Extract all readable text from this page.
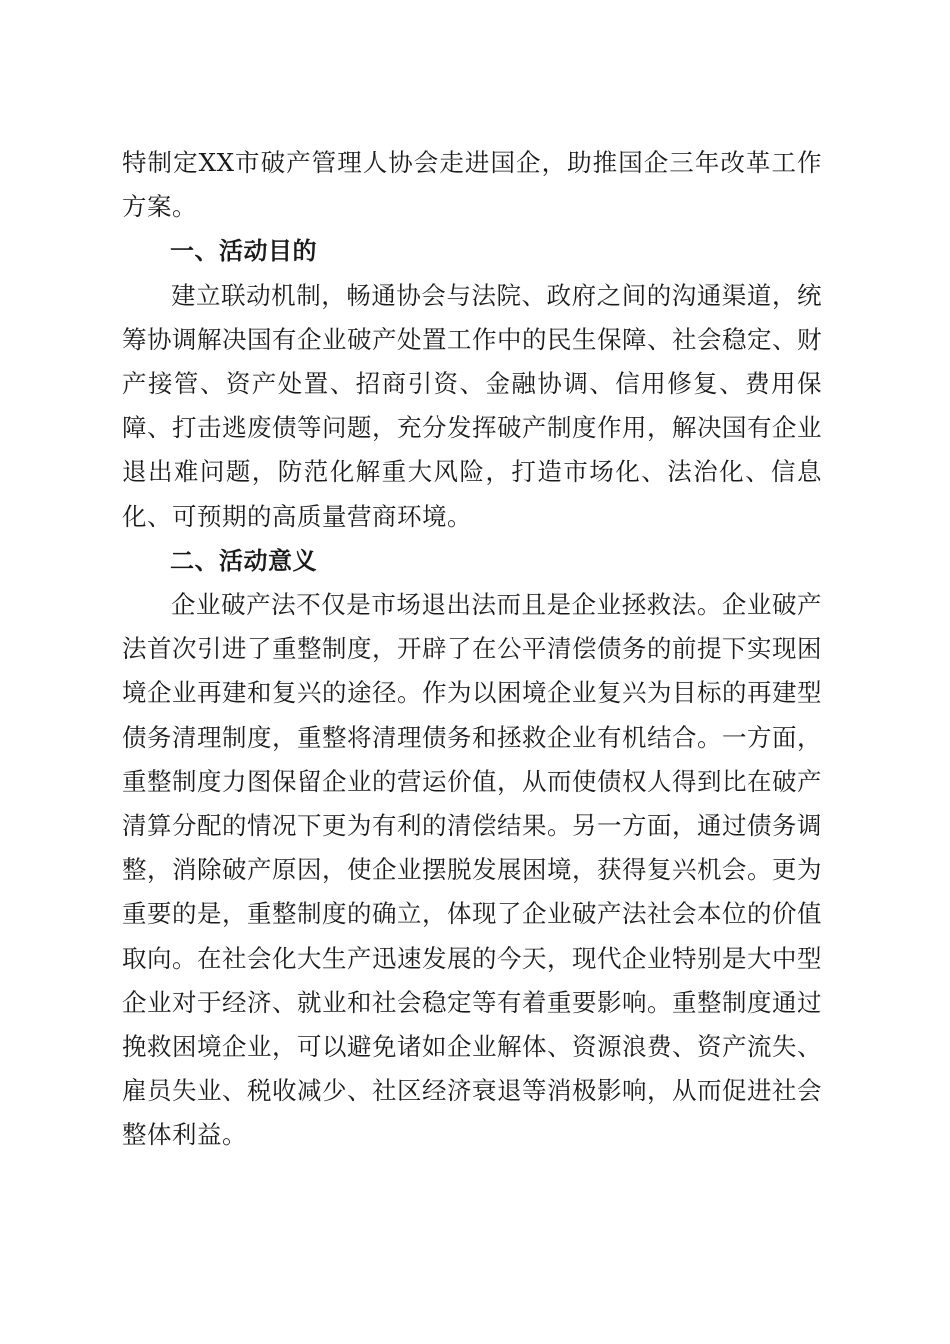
特制定XX市破产管理人协会走进国企，助推国企三年改革工作方案。

一、活动目的

建立联动机制，畅通协会与法院、政府之间的沟通渠道，统筹协调解决国有企业破产处置工作中的民生保障、社会稳定、财产接管、资产处置、招商引资、金融协调、信用修复、费用保障、打击逃废债等问题，充分发挥破产制度作用，解决国有企业退出难问题，防范化解重大风险，打造市场化、法治化、信息化、可预期的高质量营商环境。

二、活动意义

企业破产法不仅是市场退出法而且是企业拯救法。企业破产法首次引进了重整制度，开辟了在公平清偿债务的前提下实现困境企业再建和复兴的途径。作为以困境企业复兴为目标的再建型债务清理制度，重整将清理债务和拯救企业有机结合。一方面，重整制度力图保留企业的营运价值，从而使债权人得到比在破产清算分配的情况下更为有利的清偿结果。另一方面，通过债务调整，消除破产原因，使企业摆脱发展困境，获得复兴机会。更为重要的是，重整制度的确立，体现了企业破产法社会本位的价值取向。在社会化大生产迅速发展的今天，现代企业特别是大中型企业对于经济、就业和社会稳定等有着重要影响。重整制度通过挽救困境企业，可以避免诸如企业解体、资源浪费、资产流失、雇员失业、税收减少、社区经济衰退等消极影响，从而促进社会整体利益。
